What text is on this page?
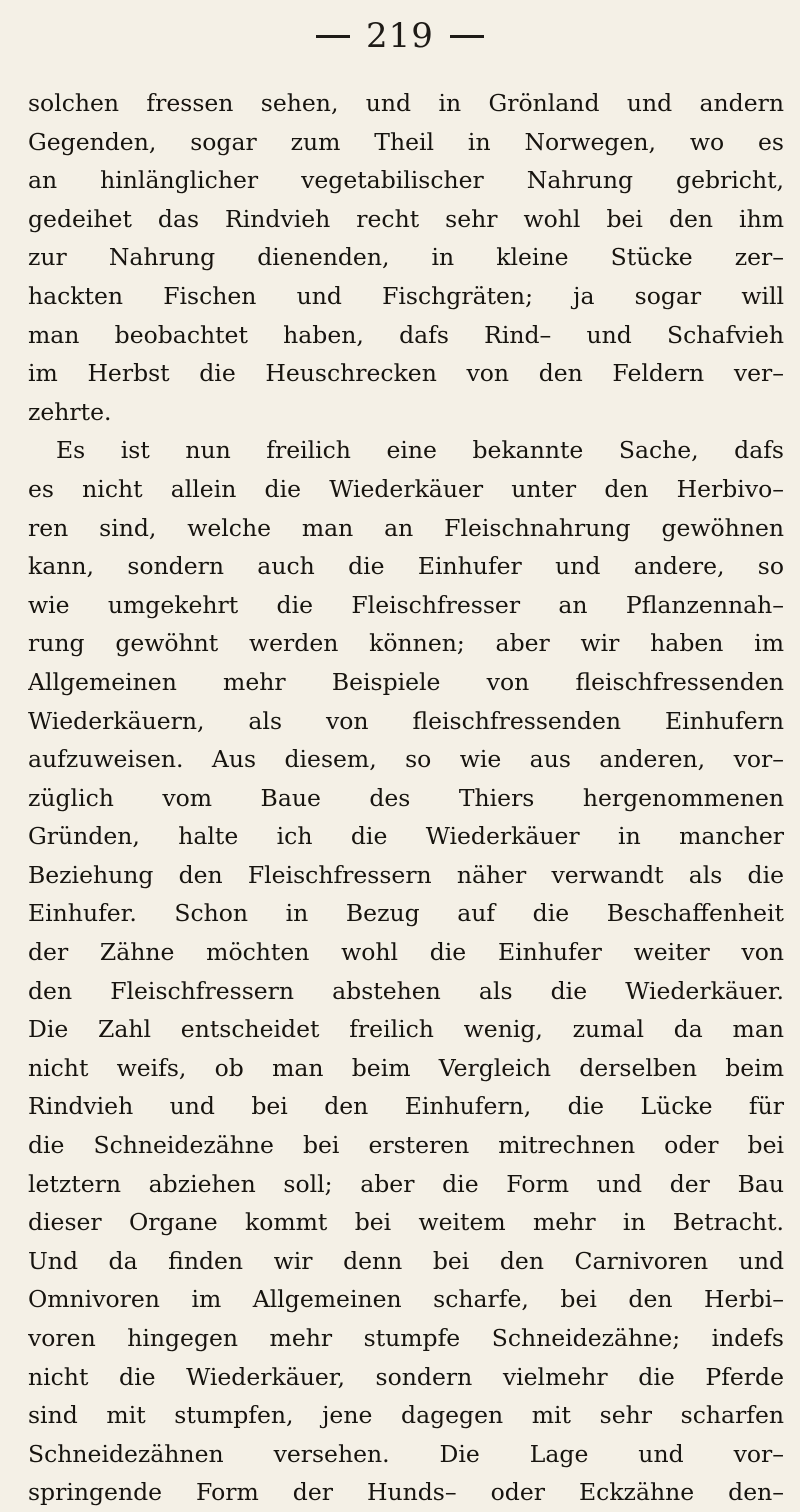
219
solchen fressen sehen, und in Grönland und andern
Gegenden, sogar zum Theil in Norwegen, wo es
an hinlänglicher vegetabilischer Nahrung gebricht,
gedeihet das Rindvieh recht sehr wohl bei den ihm
zur Nahrung dienenden, in kleine Stücke zer–
hackten Fischen und Fischgräten; ja sogar will
man beobachtet haben, dafs Rind– und Schafvieh
im Herbst die Heuschrecken von den Feldern ver–
zehrte.
Es ist nun freilich eine bekannte Sache, dafs
es nicht allein die Wiederkäuer unter den Herbivo–
ren sind, welche man an Fleischnahrung gewöhnen
kann, sondern auch die Einhufer und andere, so
wie umgekehrt die Fleischfresser an Pflanzennah–
rung gewöhnt werden können; aber wir haben im
Allgemeinen mehr Beispiele von fleischfressenden
Wiederkäuern, als von fleischfressenden Einhufern
aufzuweisen. Aus diesem, so wie aus anderen, vor–
züglich vom Baue des Thiers hergenommenen
Gründen, halte ich die Wiederkäuer in mancher
Beziehung den Fleischfressern näher verwandt als die
Einhufer. Schon in Bezug auf die Beschaffenheit
der Zähne möchten wohl die Einhufer weiter von
den Fleischfressern abstehen als die Wiederkäuer.
Die Zahl entscheidet freilich wenig, zumal da man
nicht weifs, ob man beim Vergleich derselben beim
Rindvieh und bei den Einhufern, die Lücke für
die Schneidezähne bei ersteren mitrechnen oder bei
letztern abziehen soll; aber die Form und der Bau
dieser Organe kommt bei weitem mehr in Betracht.
Und da finden wir denn bei den Carnivoren und
Omnivoren im Allgemeinen scharfe, bei den Herbi–
voren hingegen mehr stumpfe Schneidezähne; indefs
nicht die Wiederkäuer, sondern vielmehr die Pferde
sind mit stumpfen, jene dagegen mit sehr scharfen
Schneidezähnen versehen. Die Lage und vor–
springende Form der Hunds– oder Eckzähne den–
